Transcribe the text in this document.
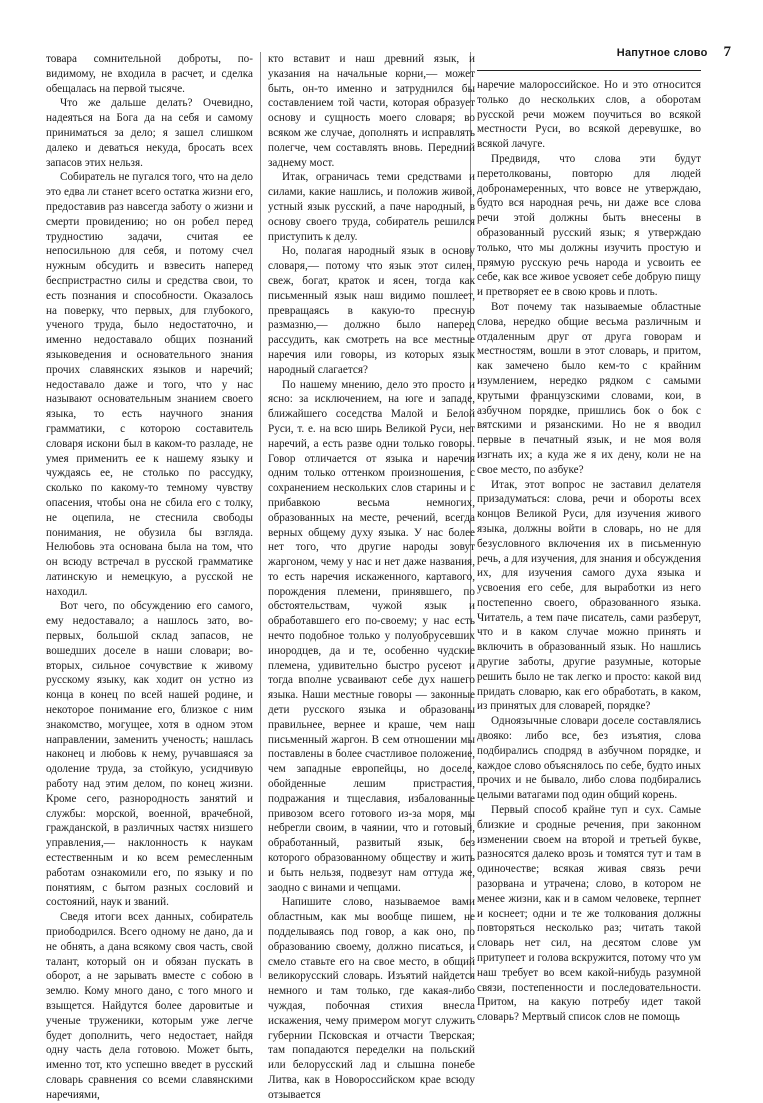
Напутное слово 7

товара сомнительной доброты, по-видимому, не входила в расчет, и сделка обещалась на первой тысяче.

Что же дальше делать? Очевидно, надеяться на Бога да на себя и самому приниматься за дело; я зашел слишком далеко и деваться некуда, бросать всех запасов этих нельзя.

Собиратель не пугался того, что на дело это едва ли станет всего остатка жизни его, предоставив раз навсегда заботу о жизни и смерти провидению; но он робел перед трудностию задачи, считая ее непосильною для себя, и потому счел нужным обсудить и взвесить наперед беспристрастно силы и средства свои, то есть познания и способности. Оказалось на поверку, что первых, для глубокого, ученого труда, было недостаточно, и именно недоставало общих познаний языковедения и основательного знания прочих славянских языков и наречий; недоставало даже и того, что у нас называют основательным знанием своего языка, то есть научного знания грамматики, с которою составитель словаря искони был в каком-то разладе, не умея применить ее к нашему языку и чуждаясь ее, не столько по рассудку, сколько по какому-то темному чувству опасения, чтобы она не сбила его с толку, не оцепила, не стеснила свободы понимания, не обузила бы взгляда. Нелюбовь эта основана была на том, что он всюду встречал в русской грамматике латинскую и немецкую, а русской не находил.

Вот чего, по обсуждению его самого, ему недоставало; а нашлось зато, во-первых, большой склад запасов, не вошедших доселе в наши словари; во-вторых, сильное сочувствие к живому русскому языку, как ходит он устно из конца в конец по всей нашей родине, и некоторое понимание его, близкое с ним знакомство, могущее, хотя в одном этом направлении, заменить ученость; нашлась наконец и любовь к нему, ручавшаяся за одоление труда, за стойкую, усидчивую работу над этим делом, по конец жизни. Кроме сего, разнородность занятий и службы: морской, военной, врачебной, гражданской, в различных частях низшего управления,— наклонность к наукам естественным и ко всем ремесленным работам ознакомили его, по языку и по понятиям, с бытом разных сословий и состояний, наук и званий.

Сведя итоги всех данных, собиратель приободрился. Всего одному не дано, да и не обнять, а дана всякому своя часть, свой талант, который он и обязан пускать в оборот, а не зарывать вместе с собою в землю. Кому много дано, с того много и взыщется. Найдутся более даровитые и ученые труженики, которым уже легче будет дополнить, чего недостает, найдя одну часть дела готовою. Может быть, именно тот, кто успешно введет в русский словарь сравнения со всеми славянскими наречиями,

кто вставит и наш древний язык, и указания на начальные корни,— может быть, он-то именно и затруднился бы составлением той части, которая образует основу и сущность моего словаря; во всяком же случае, дополнять и исправлять полегче, чем составлять вновь. Передний заднему мост.

Итак, ограничась теми средствами и силами, какие нашлись, и положив живой, устный язык русский, а паче народный, в основу своего труда, собиратель решился приступить к делу.

Но, полагая народный язык в основу словаря,— потому что язык этот силен, свеж, богат, краток и ясен, тогда как письменный язык наш видимо пошлеет, превращаясь в какую-то пресную размазню,— должно было наперед рассудить, как смотреть на все местные наречия или говоры, из которых язык народный слагается?

По нашему мнению, дело это просто и ясно: за исключением, на юге и западе, ближайшего соседства Малой и Белой Руси, т. е. на всю ширь Великой Руси, нет наречий, а есть разве одни только говоры. Говор отличается от языка и наречия одним только оттенком произношения, с сохранением нескольких слов старины и с прибавкою весьма немногих, образованных на месте, речений, всегда верных общему духу языка. У нас более нет того, что другие народы зовут жаргоном, чему у нас и нет даже названия, то есть наречия искаженного, картавого, порождения племени, принявшего, по обстоятельствам, чужой язык и обработавшего его по-своему; у нас есть нечто подобное только у полуобрусевших инородцев, да и те, особенно чудские племена, удивительно быстро русеют и тогда вполне усваивают себе дух нашего языка. Наши местные говоры — законные дети русского языка и образованы правильнее, вернее и краше, чем наш письменный жаргон. В сем отношении мы поставлены в более счастливое положение, чем западные европейцы, но доселе, обойденные лешим пристрастия, подражания и тщеславия, избалованные привозом всего готового из-за моря, мы небрегли своим, в чаянии, что и готовый, обработанный, развитый язык, без которого образованному обществу и жить и быть нельзя, подвезут нам оттуда же, заодно с винами и чепцами.

Напишите слово, называемое вами областным, как мы вообще пишем, не подделываясь под говор, а как оно, по образованию своему, должно писаться, и смело ставьте его на свое место, в общий великорусский словарь. Изъятий найдется немного и там только, где какая-либо чуждая, побочная стихия внесла искажения, чему примером могут служить губернии Псковская и отчасти Тверская; там попадаются переделки на польский или белорусский лад и слышна понебе Литва, как в Новороссийском крае всюду отзывается

наречие малороссийское. Но и это относится только до нескольких слов, а оборотам русской речи можем поучиться во всякой местности Руси, во всякой деревушке, во всякой лачуге.

Предвидя, что слова эти будут перетолкованы, повторю для людей добронамеренных, что вовсе не утверждаю, будто вся народная речь, ни даже все слова речи этой должны быть внесены в образованный русский язык; я утверждаю только, что мы должны изучить простую и прямую русскую речь народа и усвоить ее себе, как все живое усвояет себе добрую пищу и претворяет ее в свою кровь и плоть.

Вот почему так называемые областные слова, нередко общие весьма различным и отдаленным друг от друга говорам и местностям, вошли в этот словарь, и притом, как замечено было кем-то с крайним изумлением, нередко рядком с самыми крутыми французскими словами, кои, в азбучном порядке, пришлись бок о бок с вятскими и рязанскими. Но не я вводил первые в печатный язык, и не моя воля изгнать их; а куда же я их дену, коли не на свое место, по азбуке?

Итак, этот вопрос не заставил делателя призадуматься: слова, речи и обороты всех концов Великой Руси, для изучения живого языка, должны войти в словарь, но не для безусловного включения их в письменную речь, а для изучения, для знания и обсуждения их, для изучения самого духа языка и усвоения его себе, для выработки из него постепенно своего, образованного языка. Читатель, а тем паче писатель, сами разберут, что и в каком случае можно принять и включить в образованный язык. Но нашлись другие заботы, другие разумные, которые решить было не так легко и просто: какой вид придать словарю, как его обработать, в каком, из принятых для словарей, порядке?

Одноязычные словари доселе составлялись двояко: либо все, без изъятия, слова подбирались сподряд в азбучном порядке, и каждое слово объяснялось по себе, будто иных прочих и не бывало, либо слова подбирались целыми ватагами под один общий корень.

Первый способ крайне туп и сух. Самые близкие и сродные речения, при законном изменении своем на второй и третьей букве, разносятся далеко врозь и томятся тут и там в одиночестве; всякая живая связь речи разорвана и утрачена; слово, в котором не менее жизни, как и в самом человеке, терпнет и коснеет; одни и те же толкования должны повторяться несколько раз; читать такой словарь нет сил, на десятом слове ум притупеет и голова вскружится, потому что ум наш требует во всем какой-нибудь разумной связи, постепенности и последовательности. Притом, на какую потребу идет такой словарь? Мертвый список слов не помощь
